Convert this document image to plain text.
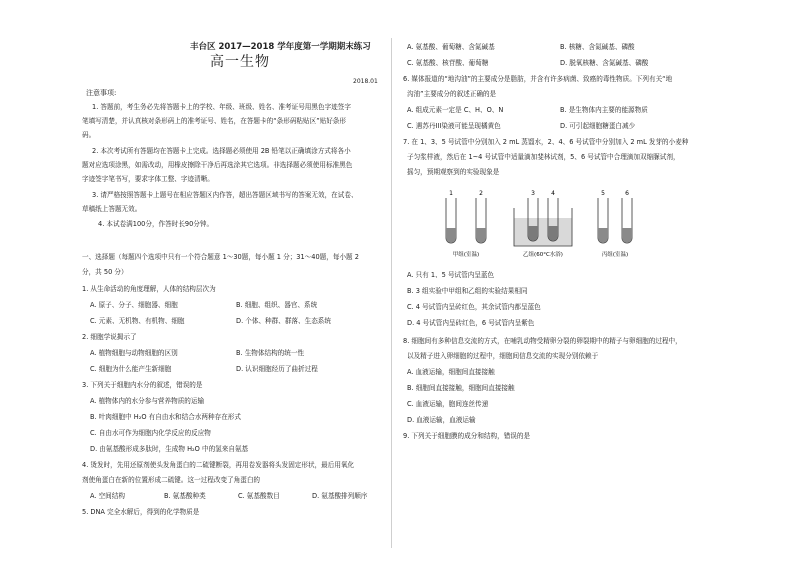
丰台区 2017—2018 学年度第一学期期末练习
高一生物
2018.01
注意事项:
1. 答题前，考生务必先将答题卡上的学校、年级、班级、姓名、准考证号用黑色字迹签字
笔填写清楚，并认真核对条形码上的准考证号、姓名，在答题卡的“条形码粘贴区”贴好条形
码。
2. 本次考试所有答题均在答题卡上完成。选择题必须使用 2B 铅笔以正确填涂方式将各小
题对应选项涂黑，如需改动，用橡皮擦除干净后再选涂其它选项。非选择题必须使用标准黑色
字迹签字笔书写，要求字体工整、字迹清晰。
3. 请严格按照答题卡上题号在相应答题区内作答，超出答题区域书写的答案无效，在试卷、
草稿纸上答题无效。
4. 本试卷满100分，作答时长90分钟。
一、选择题（每题四个选项中只有一个符合题意 1～30题，每小题 1 分；31～40题，每小题 2
分，共 50 分）
1. 从生命活动的角度理解，人体的结构层次为
A. 原子、分子、细胞器、细胞	B. 细胞、组织、器官、系统
C. 元素、无机物、有机物、细胞	D. 个体、种群、群落、生态系统
2. 细胞学说揭示了
A. 植物细胞与动物细胞的区别	B. 生物体结构的统一性
C. 细胞为什么能产生新细胞	D. 认识细胞经历了曲折过程
3. 下列关于细胞内水分的叙述，错误的是
A. 植物体内的水分参与营养物质的运输
B. 叶肉细胞中 H₂O 有自由水和结合水两种存在形式
C. 自由水可作为细胞内化学反应的反应物
D. 由氨基酸形成多肽时，生成物 H₂O 中的氢来自氨基
4. 烫发时，先用还原剂使头发角蛋白的二硫键断裂，再用卷发器将头发固定形状，最后用氧化
剂使角蛋白在新的位置形成二硫键。这一过程改变了角蛋白的
A. 空间结构	B. 氨基酸种类	C. 氨基酸数目	D. 氨基酸排列顺序
5. DNA 完全水解后，得到的化学物质是
A. 氨基酸、葡萄糖、含氮碱基	B. 核糖、含氮碱基、磷酸
C. 氨基酸、核苷酸、葡萄糖	D. 脱氧核糖、含氮碱基、磷酸
6. 媒体报道的“地沟油”的主要成分是脂肪，并含有许多病菌、致癌的毒性物质。下列有关“地
沟油”主要成分的叙述正确的是
A. 组成元素一定是 C、H、O、N	B. 是生物体内主要的能源物质
C. 遇苏丹III染液可能呈现橘黄色	D. 可引起细胞糖蛋白减少
7. 在 1、3、5 号试管中分别加入 2 mL 蒸馏水，2、4、6 号试管中分别加入 2 mL 发芽的小麦种
子匀浆样液，然后在 1~4 号试管中适量滴加斐林试剂，5、6 号试管中合理滴加双缩脲试剂，
摇匀，预期观察到的实验现象是
1	2	3	4	5	6
甲组(室温)	乙组(60°C水浴)	丙组(室温)
A. 只有 1、5 号试管内呈蓝色
B. 3 组实验中甲组和乙组的实验结果相同
C. 4 号试管内呈砖红色，其余试管内都呈蓝色
D. 4 号试管内呈砖红色，6 号试管内呈紫色
8. 细胞间有多种信息交流的方式，在哺乳动物受精卵分裂的卵裂期中的精子与卵细胞的过程中，
以及精子进入卵细胞的过程中，细胞间信息交流的实现分别依赖于
A. 血液运输，细胞间直接接触
B. 细胞间直接接触，细胞间直接接触
C. 血液运输，胞间连丝传递
D. 血液运输，血液运输
9. 下列关于细胞膜的成分和结构，错误的是
